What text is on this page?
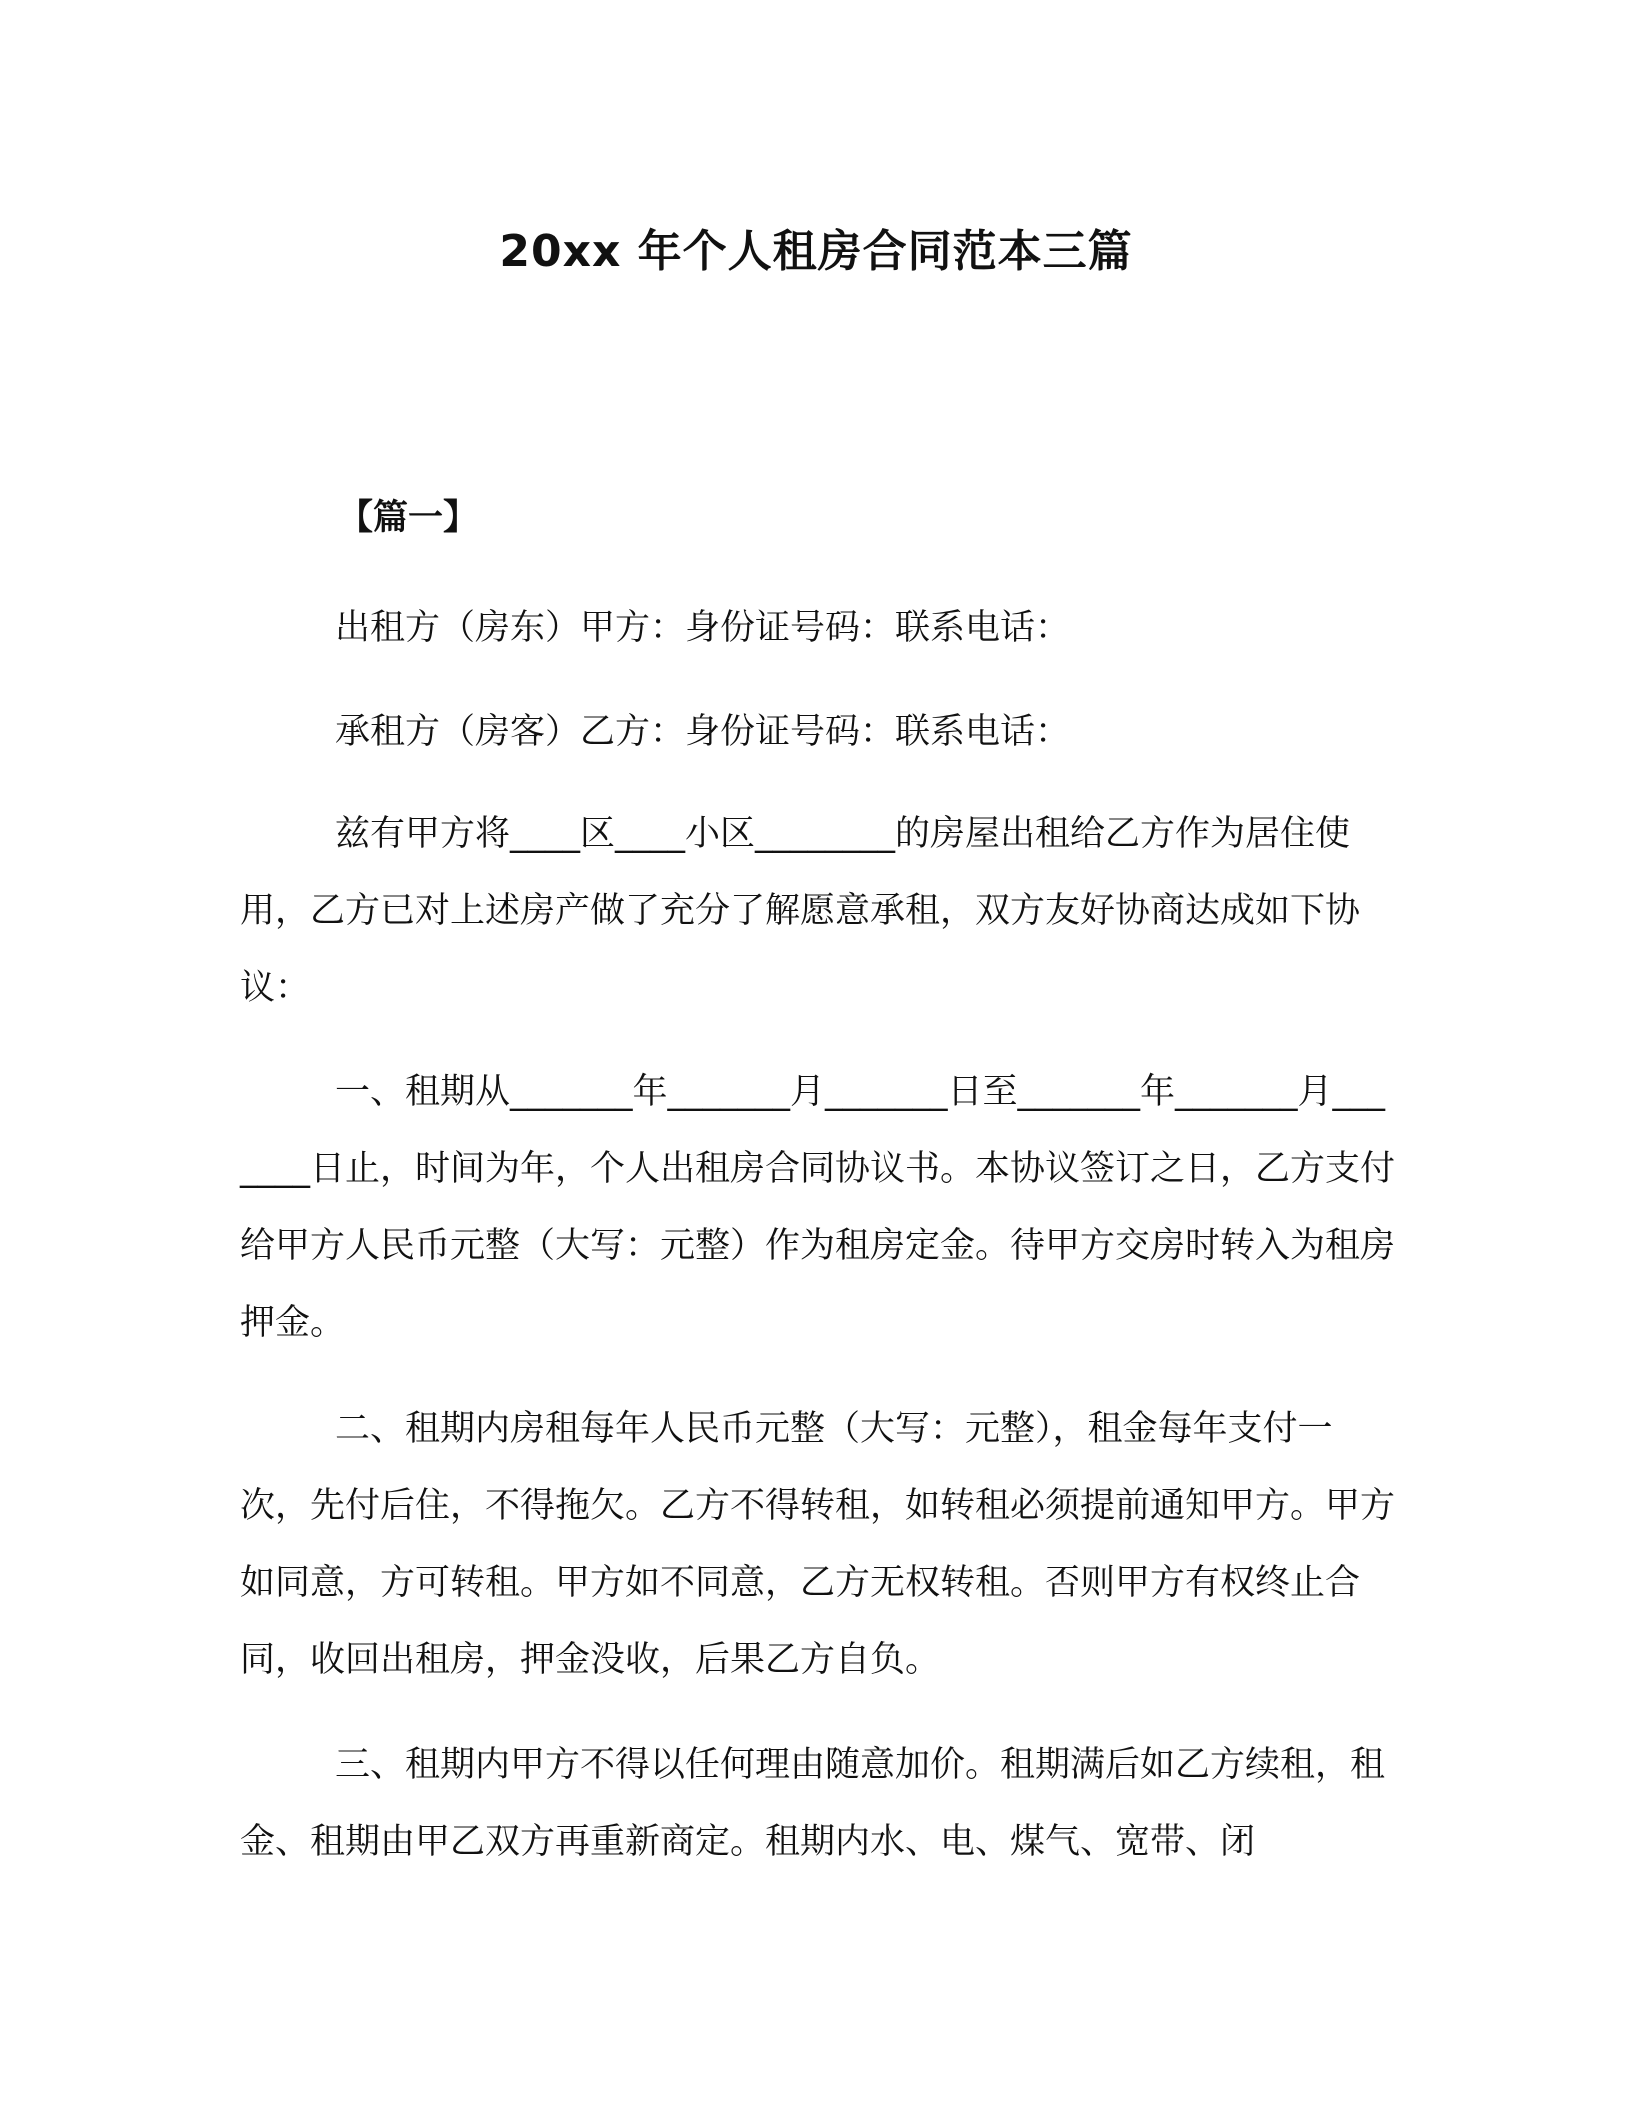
20xx 年个人租房合同范本三篇
【篇一】

出租方（房东）甲方：身份证号码：联系电话：

承租方（房客）乙方：身份证号码：联系电话：

兹有甲方将____区____小区________的房屋出租给乙方作为居住使用，乙方已对上述房产做了充分了解愿意承租，双方友好协商达成如下协议：

一、租期从_______年_______月_______日至_______年_______月_______日止，时间为年，个人出租房合同协议书。本协议签订之日，乙方支付给甲方人民币元整（大写：元整）作为租房定金。待甲方交房时转入为租房押金。

二、租期内房租每年人民币元整（大写：元整），租金每年支付一次，先付后住，不得拖欠。乙方不得转租，如转租必须提前通知甲方。甲方如同意，方可转租。甲方如不同意，乙方无权转租。否则甲方有权终止合同，收回出租房，押金没收，后果乙方自负。

三、租期内甲方不得以任何理由随意加价。租期满后如乙方续租，租金、租期由甲乙双方再重新商定。租期内水、电、煤气、宽带、闭
